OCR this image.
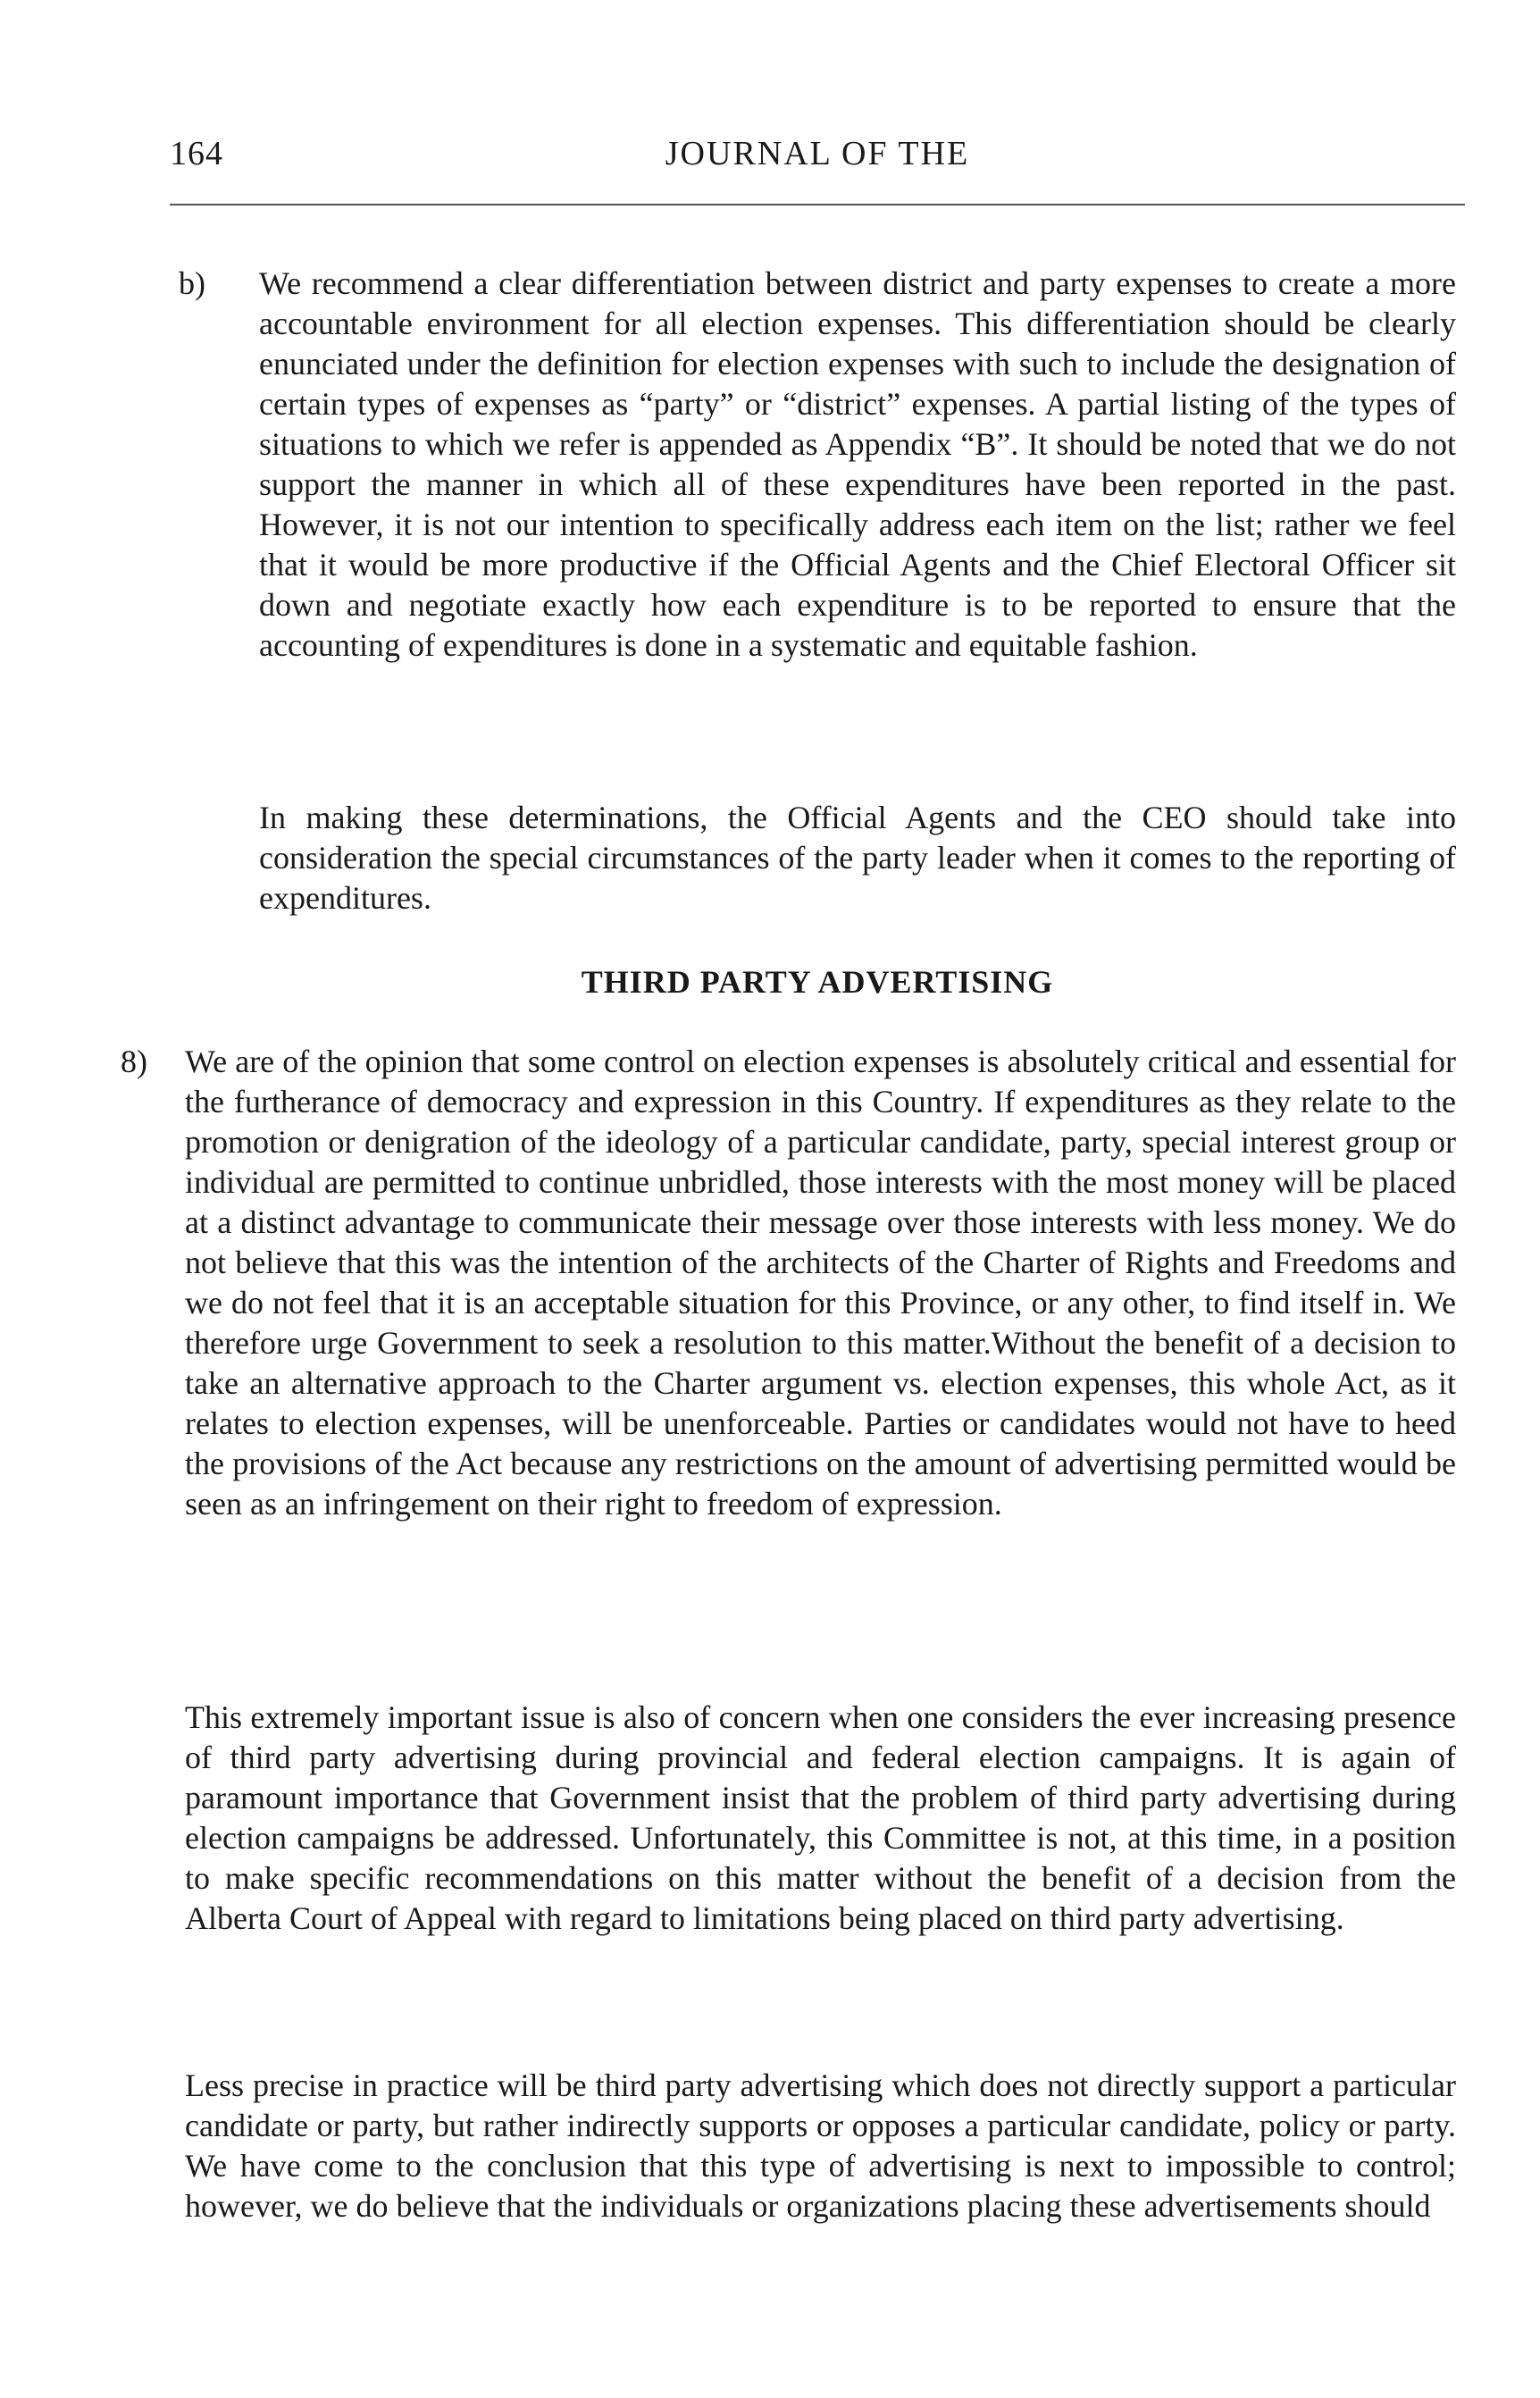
164	JOURNAL OF THE
b) We recommend a clear differentiation between district and party expenses to create a more accountable environment for all election expenses. This differentiation should be clearly enunciated under the definition for election expenses with such to include the designation of certain types of expenses as “party” or “district” expenses. A partial listing of the types of situations to which we refer is appended as Appendix “B”. It should be noted that we do not support the manner in which all of these expenditures have been reported in the past. However, it is not our intention to specifically address each item on the list; rather we feel that it would be more productive if the Official Agents and the Chief Electoral Officer sit down and negotiate exactly how each expenditure is to be reported to ensure that the accounting of expenditures is done in a systematic and equitable fashion.

In making these determinations, the Official Agents and the CEO should take into consideration the special circumstances of the party leader when it comes to the reporting of expenditures.

THIRD PARTY ADVERTISING
8) We are of the opinion that some control on election expenses is absolutely critical and essential for the furtherance of democracy and expression in this Country. If expenditures as they relate to the promotion or denigration of the ideology of a particular candidate, party, special interest group or individual are permitted to continue unbridled, those interests with the most money will be placed at a distinct advantage to communicate their message over those interests with less money. We do not believe that this was the intention of the architects of the Charter of Rights and Freedoms and we do not feel that it is an acceptable situation for this Province, or any other, to find itself in. We therefore urge Government to seek a resolution to this matter.Without the benefit of a decision to take an alternative approach to the Charter argument vs. election expenses, this whole Act, as it relates to election expenses, will be unenforceable. Parties or candidates would not have to heed the provisions of the Act because any restrictions on the amount of advertising permitted would be seen as an infringement on their right to freedom of expression.

This extremely important issue is also of concern when one considers the ever increasing presence of third party advertising during provincial and federal election campaigns. It is again of paramount importance that Government insist that the problem of third party advertising during election campaigns be addressed. Unfortunately, this Committee is not, at this time, in a position to make specific recommendations on this matter without the benefit of a decision from the Alberta Court of Appeal with regard to limitations being placed on third party advertising.

Less precise in practice will be third party advertising which does not directly support a particular candidate or party, but rather indirectly supports or opposes a particular candidate, policy or party. We have come to the conclusion that this type of advertising is next to impossible to control; however, we do believe that the individuals or organizations placing these advertisements should
